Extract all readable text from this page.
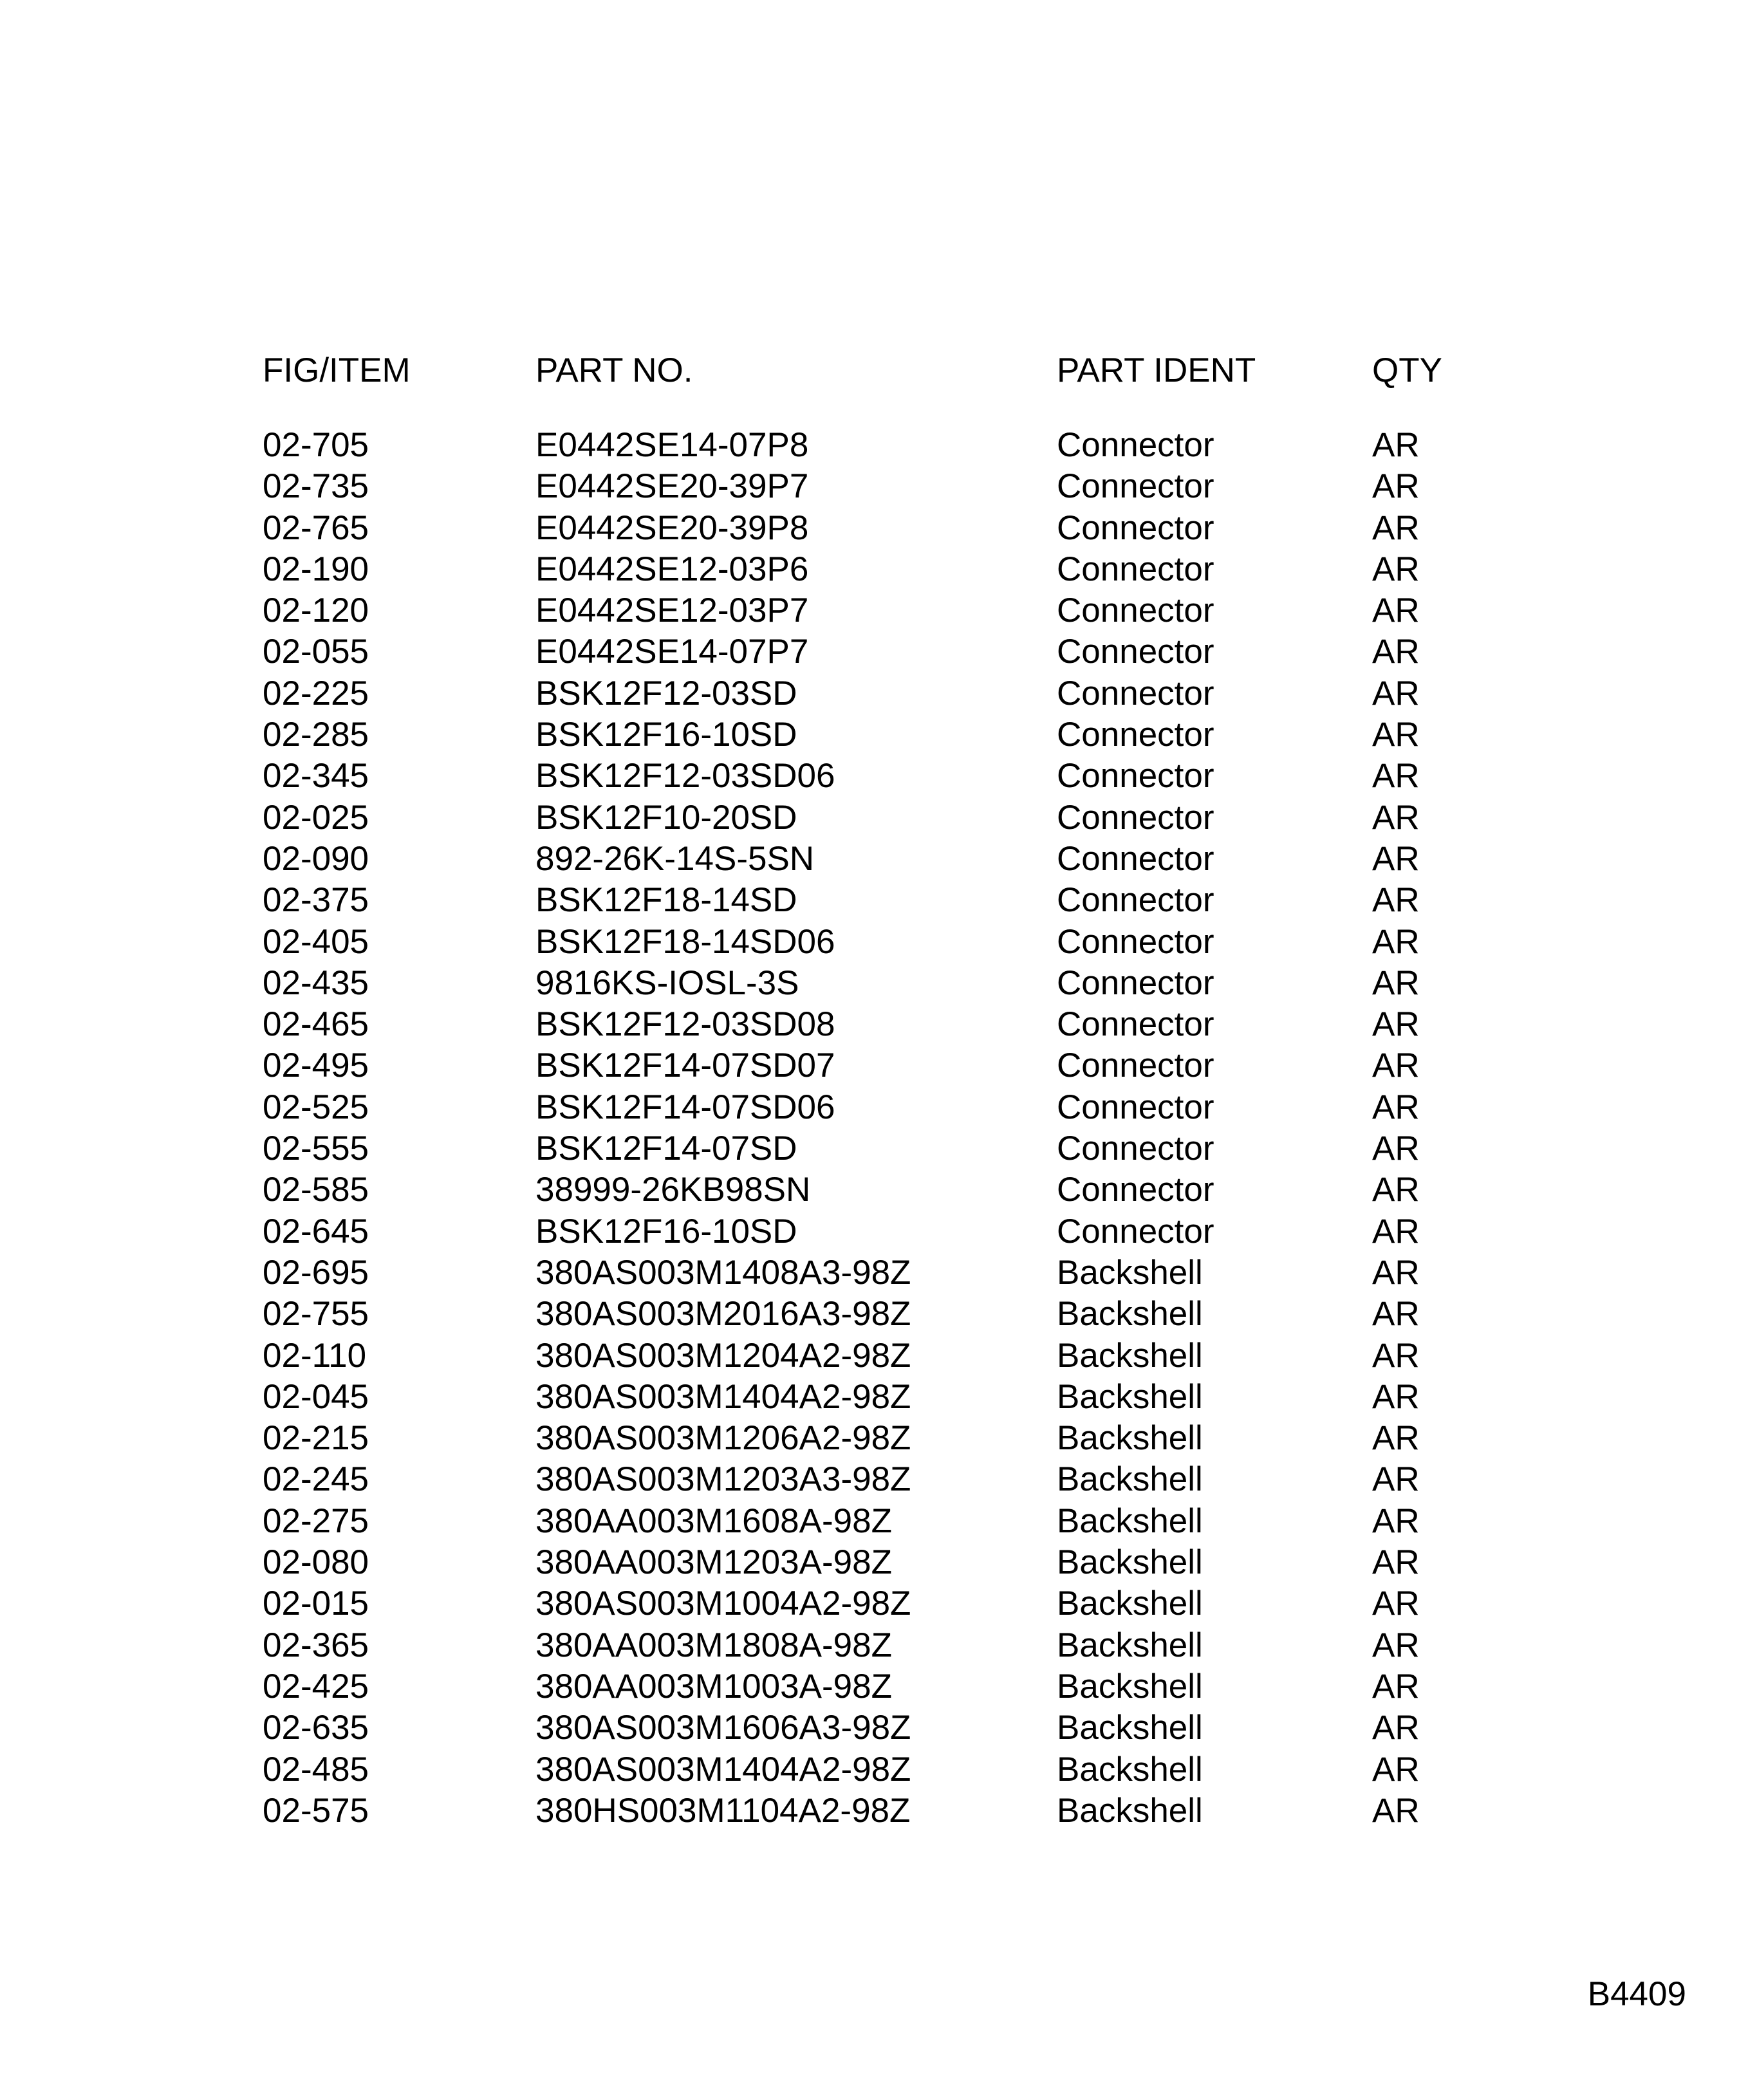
FIG/ITEM	PART NO.	PART IDENT	QTY

02-705	E0442SE14-07P8	Connector	AR
02-735	E0442SE20-39P7	Connector	AR
02-765	E0442SE20-39P8	Connector	AR
02-190	E0442SE12-03P6	Connector	AR
02-120	E0442SE12-03P7	Connector	AR
02-055	E0442SE14-07P7	Connector	AR
02-225	BSK12F12-03SD	Connector	AR
02-285	BSK12F16-10SD	Connector	AR
02-345	BSK12F12-03SD06	Connector	AR
02-025	BSK12F10-20SD	Connector	AR
02-090	892-26K-14S-5SN	Connector	AR
02-375	BSK12F18-14SD	Connector	AR
02-405	BSK12F18-14SD06	Connector	AR
02-435	9816KS-IOSL-3S	Connector	AR
02-465	BSK12F12-03SD08	Connector	AR
02-495	BSK12F14-07SD07	Connector	AR
02-525	BSK12F14-07SD06	Connector	AR
02-555	BSK12F14-07SD	Connector	AR
02-585	38999-26KB98SN	Connector	AR
02-645	BSK12F16-10SD	Connector	AR
02-695	380AS003M1408A3-98Z	Backshell	AR
02-755	380AS003M2016A3-98Z	Backshell	AR
02-110	380AS003M1204A2-98Z	Backshell	AR
02-045	380AS003M1404A2-98Z	Backshell	AR
02-215	380AS003M1206A2-98Z	Backshell	AR
02-245	380AS003M1203A3-98Z	Backshell	AR
02-275	380AA003M1608A-98Z	Backshell	AR
02-080	380AA003M1203A-98Z	Backshell	AR
02-015	380AS003M1004A2-98Z	Backshell	AR
02-365	380AA003M1808A-98Z	Backshell	AR
02-425	380AA003M1003A-98Z	Backshell	AR
02-635	380AS003M1606A3-98Z	Backshell	AR
02-485	380AS003M1404A2-98Z	Backshell	AR
02-575	380HS003M1104A2-98Z	Backshell	AR
B4409
